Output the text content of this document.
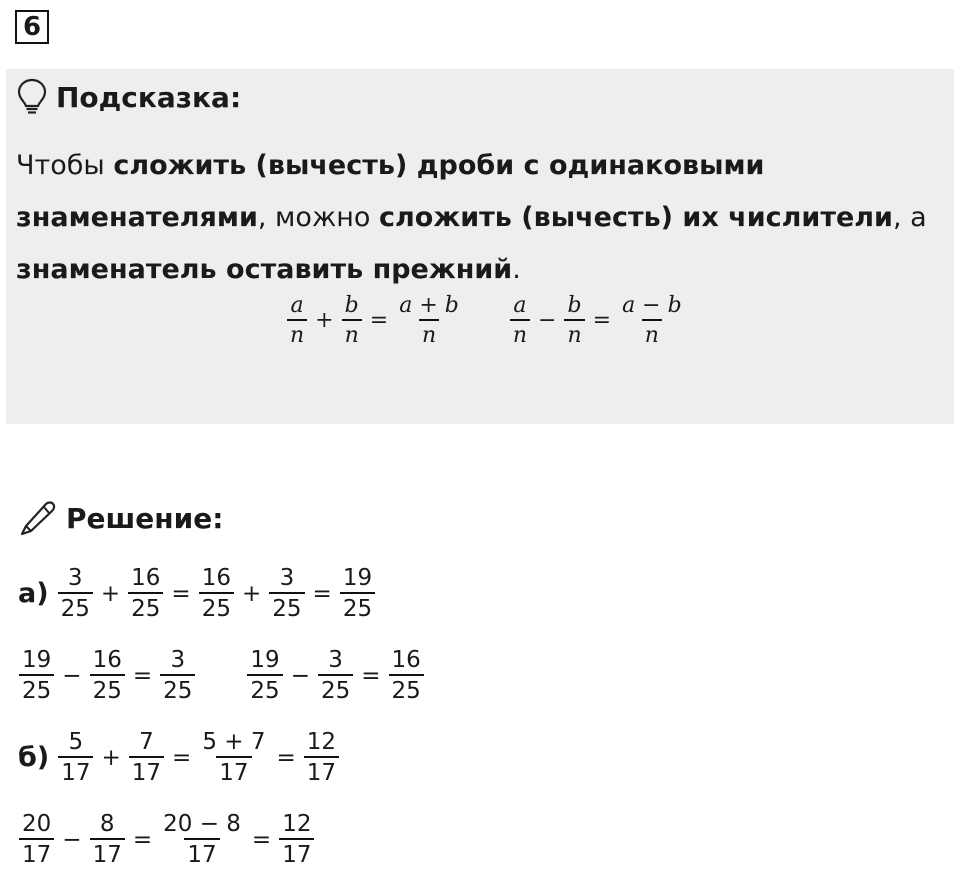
6
Подсказка:

Чтобы сложить (вычесть) дроби с одинаковыми знаменателями, можно сложить (вычесть) их числители, а знаменатель оставить прежний.

$\frac{a}{n} + \frac{b}{n} = \frac{a + b}{n} \frac{a}{n} - \frac{b}{n} = \frac{a - b}{n}$
Решение:
$а) \frac{3}{25} + \frac{16}{25} = \frac{16}{25} + \frac{3}{25} = \frac{19}{25}$
$\frac{19}{25} - \frac{16}{25} = \frac{3}{25} \frac{19}{25} - \frac{3}{25} = \frac{16}{25}$
$б) \frac{5}{17} + \frac{7}{17} = \frac{5 + 7}{17} = \frac{12}{17}$
$\frac{20}{17} - \frac{8}{17} = \frac{20 - 8}{17} = \frac{12}{17}$
